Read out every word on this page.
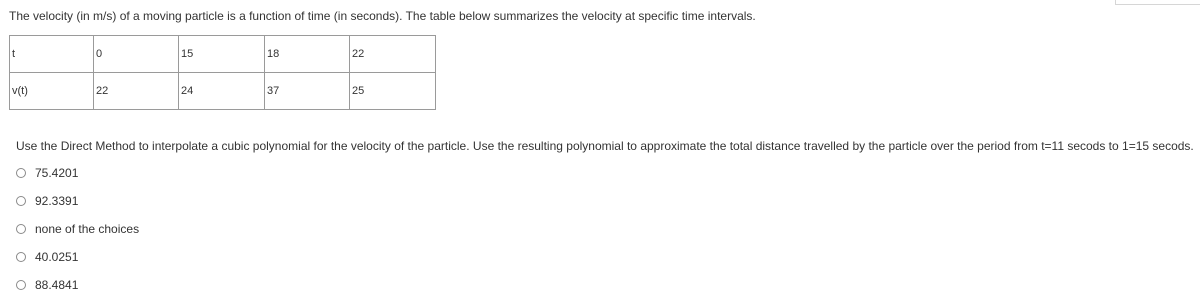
The velocity (in m/s) of a moving particle is a function of time (in seconds). The table below summarizes the velocity at specific time intervals.
t	0	15	18	22
v(t)	22	24	37	25
Use the Direct Method to interpolate a cubic polynomial for the velocity of the particle. Use the resulting polynomial to approximate the total distance travelled by the particle over the period from t=11 secods to 1=15 secods.
75.4201
92.3391
none of the choices
40.0251
88.4841
